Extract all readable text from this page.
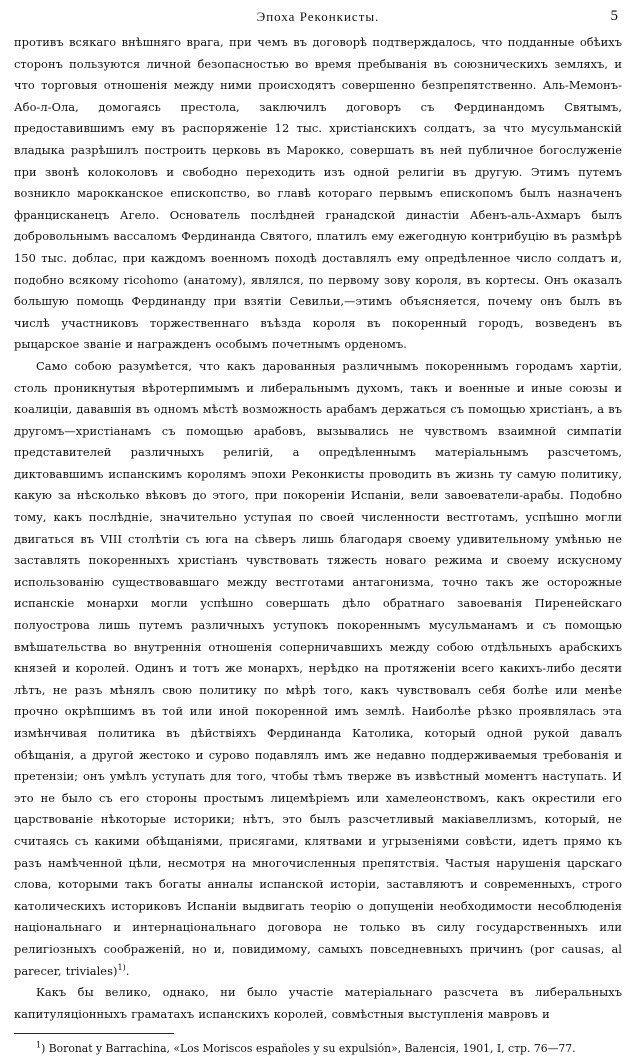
Эпоха Реконкисты.	5

противъ всякаго внѣшняго врага, при чемъ въ договорѣ подтверждалось, что подданные обѣихъ сторонъ пользуются личной безопасностью во время пребыванія въ союзническихъ земляхъ, и что торговыя отношенія между ними происходятъ совершенно безпрепятственно. Аль-Мемонъ-Або-л-Ола, домогаясь престола, заключилъ договоръ съ Фердинандомъ Святымъ, предоставившимъ ему въ распоряженіе 12 тыс. христіанскихъ солдатъ, за что мусульманскій владыка разрѣшилъ построить церковь въ Марокко, совершать въ ней публичное богослуженіе при звонѣ колоколовъ и свободно переходить изъ одной религіи въ другую. Этимъ путемъ возникло марокканское епископство, во главѣ котораго первымъ епископомъ былъ назначенъ францисканецъ Агело. Основатель послѣдней гранадской династіи Абенъ-аль-Ахмаръ былъ добровольнымъ вассаломъ Фердинанда Святого, платилъ ему ежегодную контрибуцію въ размѣрѣ 150 тыс. доблас, при каждомъ военномъ походѣ доставлялъ ему опредѣленное число солдатъ и, подобно всякому ricohomo (анатому), являлся, по первому зову короля, въ кортесы. Онъ оказалъ большую помощь Фердинанду при взятіи Севильи,—этимъ объясняется, почему онъ былъ въ числѣ участниковъ торжественнаго въѣзда короля въ покоренный городъ, возведенъ въ рыцарское званіе и награжденъ особымъ почетнымъ орденомъ.

Само собою разумѣется, что какъ дарованныя различнымъ покореннымъ городамъ хартіи, столь проникнутыя вѣротерпимымъ и либеральнымъ духомъ, такъ и военные и иные союзы и коалиціи, дававшія въ одномъ мѣстѣ возможность арабамъ держаться съ помощью христіанъ, а въ другомъ—христіанамъ съ помощью арабовъ, вызывались не чувствомъ взаимной симпатіи представителей различныхъ религій, а опредѣленнымъ матеріальнымъ разсчетомъ, диктовавшимъ испанскимъ королямъ эпохи Реконкисты проводить въ жизнь ту самую политику, какую за нѣсколько вѣковъ до этого, при покореніи Испаніи, вели завоеватели-арабы. Подобно тому, какъ послѣдніе, значительно уступая по своей численности вестготамъ, успѣшно могли двигаться въ VIII столѣтіи съ юга на сѣверъ лишь благодаря своему удивительному умѣнью не заставлять покоренныхъ христіанъ чувствовать тяжесть новаго режима и своему искусному использованію существовавшаго между вестготами антагонизма, точно такъ же осторожные испанскіе монархи могли успѣшно совершать дѣло обратнаго завоеванія Пиренейскаго полуострова лишь путемъ различныхъ уступокъ покореннымъ мусульманамъ и съ помощью вмѣшательства во внутреннія отношенія соперничавшихъ между собою отдѣльныхъ арабскихъ князей и королей. Одинъ и тотъ же монархъ, нерѣдко на протяженіи всего какихъ-либо десяти лѣтъ, не разъ мѣнялъ свою политику по мѣрѣ того, какъ чувствовалъ себя болѣе или менѣе прочно окрѣпшимъ въ той или иной покоренной имъ землѣ. Наиболѣе рѣзко проявлялась эта измѣнчивая политика въ дѣйствіяхъ Фердинанда Католика, который одной рукой давалъ обѣщанія, а другой жестоко и сурово подавлялъ имъ же недавно поддерживаемыя требованія и претензіи; онъ умѣлъ уступать для того, чтобы тѣмъ тверже въ извѣстный моментъ наступать. И это не было съ его стороны простымъ лицемѣріемъ или хамелеонствомъ, какъ окрестили его царствованіе нѣкоторые историки; нѣтъ, это былъ разсчетливый макіавеллизмъ, который, не считаясь съ какими обѣщаніями, присягами, клятвами и угрызеніями совѣсти, идетъ прямо къ разъ намѣченной цѣли, несмотря на многочисленныя препятствія. Частыя нарушенія царскаго слова, которыми такъ богаты анналы испанской исторіи, заставляютъ и современныхъ, строго католическихъ историковъ Испаніи выдвигать теорію о допущеніи необходимости несоблюденія національнаго и интернаціональнаго договора не только въ силу государственныхъ или религіозныхъ соображеній, но и, повидимому, самыхъ повседневныхъ причинъ (por causas, al parecer, triviales)$^{1)}$.

Какъ бы велико, однако, ни было участіе матеріальнаго разсчета въ либеральныхъ капитуляціонныхъ граматахъ испанскихъ королей, совмѣстныя выступленія мавровъ и

$^1$) Boronat y Barrachina, «Los Moriscos españoles y su expulsión», Валенсія, 1901, I, стр. 76—77.
